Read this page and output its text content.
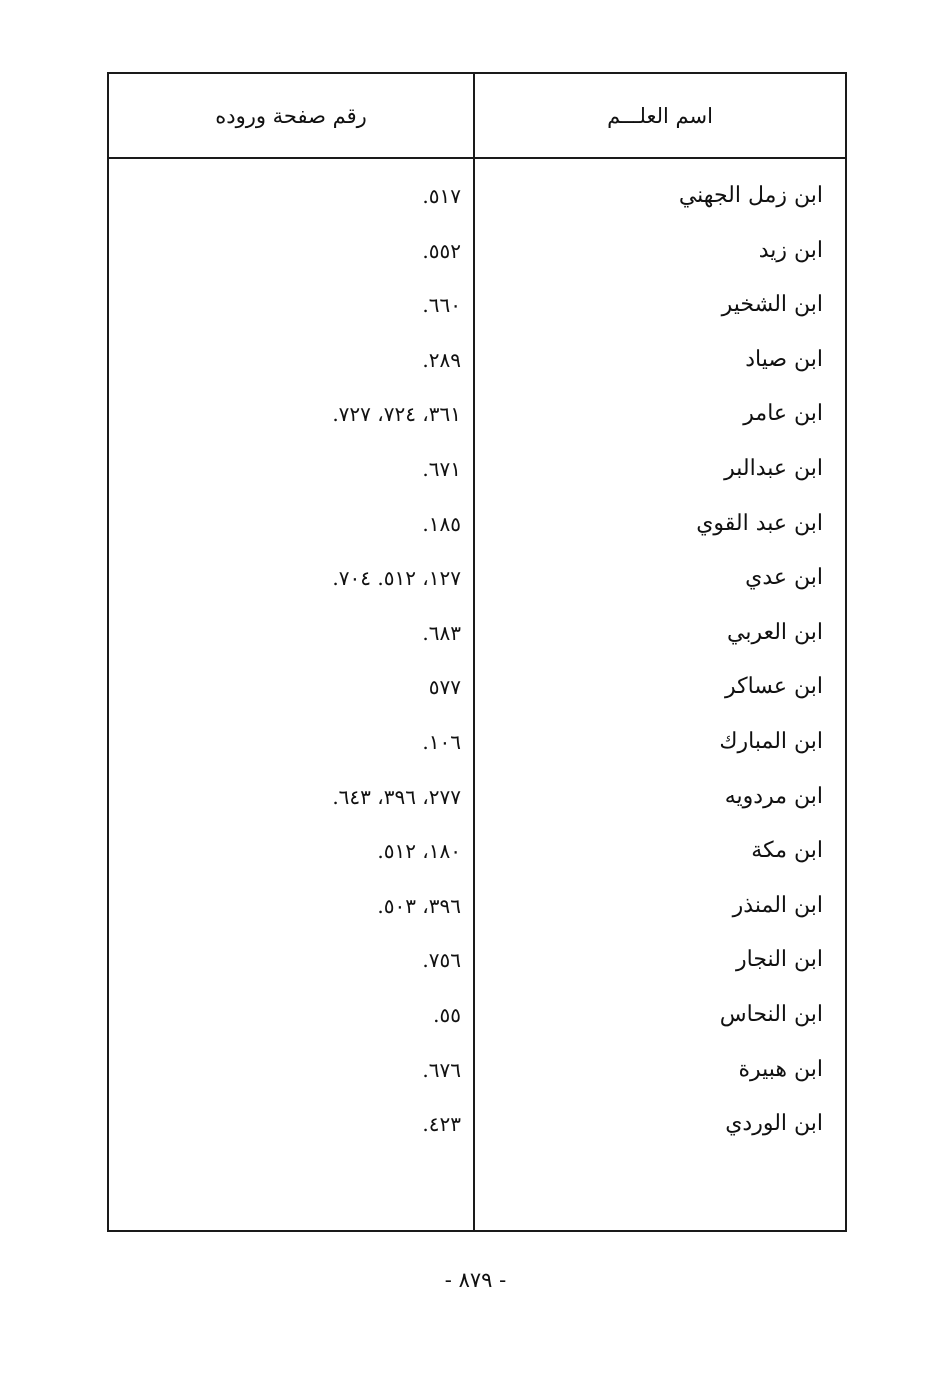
اسم العلـــم
رقم صفحة وروده
ابن زمل الجهني
٥١٧.
ابن زيد
٥٥٢.
ابن الشخير
٦٦٠.
ابن صياد
٢٨٩.
ابن عامر
٣٦١، ٧٢٤، ٧٢٧.
ابن عبدالبر
٦٧١.
ابن عبد القوي
١٨٥.
ابن عدي
١٢٧، ٥١٢. ٧٠٤.
ابن العربي
٦٨٣.
ابن عساكر
٥٧٧
ابن المبارك
١٠٦.
ابن مردويه
٢٧٧، ٣٩٦، ٦٤٣.
ابن مكة
١٨٠، ٥١٢.
ابن المنذر
٣٩٦، ٥٠٣.
ابن النجار
٧٥٦.
ابن النحاس
٥٥.
ابن هبيرة
٦٧٦.
ابن الوردي
٤٢٣.
- ٨٧٩ -
